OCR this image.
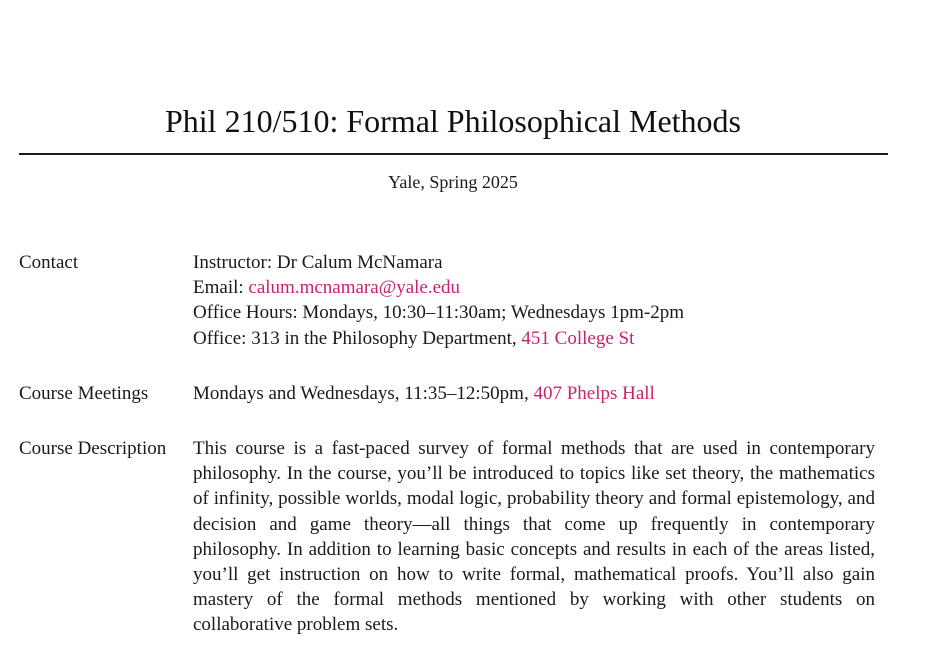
Phil 210/510: Formal Philosophical Methods
Yale, Spring 2025
Contact	Instructor: Dr Calum McNamara
Email: calum.mcnamara@yale.edu
Office Hours: Mondays, 10:30–11:30am; Wednesdays 1pm-2pm
Office: 313 in the Philosophy Department, 451 College St
Course Meetings	Mondays and Wednesdays, 11:35–12:50pm, 407 Phelps Hall
Course Description	This course is a fast-paced survey of formal methods that are used in contemporary philosophy. In the course, you’ll be introduced to topics like set theory, the mathematics of infinity, possible worlds, modal logic, probability theory and formal epistemology, and decision and game theory—all things that come up frequently in contemporary philosophy. In addition to learning basic concepts and results in each of the areas listed, you’ll get instruction on how to write formal, mathematical proofs. You’ll also gain mastery of the formal methods mentioned by working with other students on collaborative problem sets.
